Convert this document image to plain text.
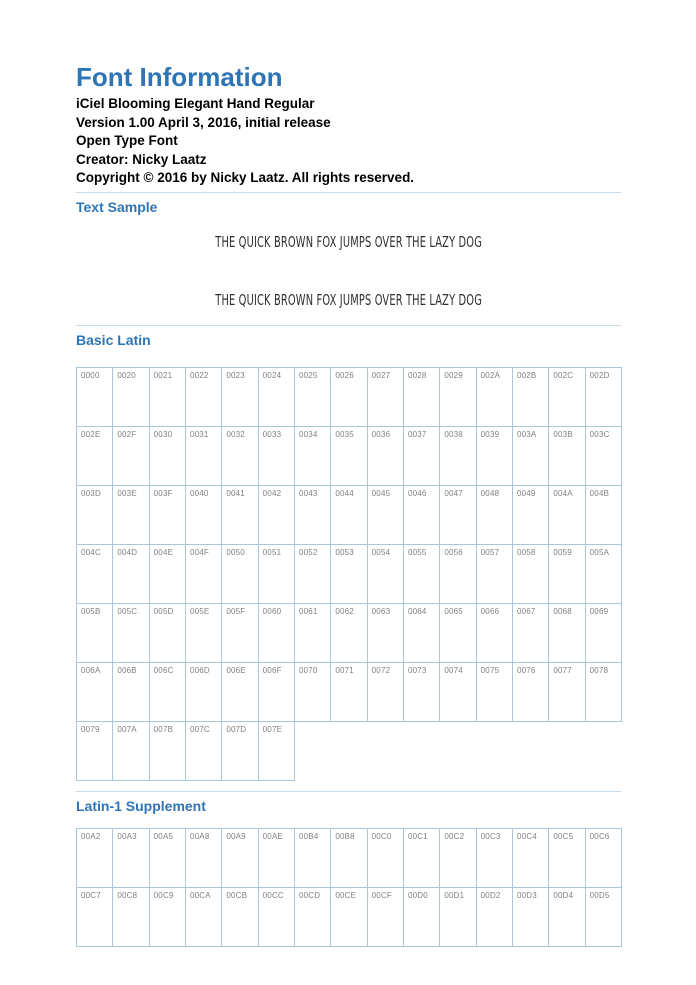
Font Information

iCiel Blooming Elegant Hand Regular

Version 1.00 April 3, 2016, initial release

Open Type Font

Creator: Nicky Laatz

Copyright © 2016 by Nicky Laatz. All rights reserved.

Text Sample
THE QUICK BROWN FOX JUMPS OVER THE LAZY DOG
THE QUICK BROWN FOX JUMPS OVER THE LAZY DOG
Basic Latin
0000 0020 0021 0022 0023 0024 0025 0026 0027 0028 0029 002A 002B 002C 002D
002E 002F 0030 0031 0032 0033 0034 0035 0036 0037 0038 0039 003A 003B 003C
003D 003E 003F 0040 0041 0042 0043 0044 0045 0046 0047 0048 0049 004A 004B
004C 004D 004E 004F 0050 0051 0052 0053 0054 0055 0056 0057 0058 0059 005A
005B 005C 005D 005E 005F 0060 0061 0062 0063 0064 0065 0066 0067 0068 0069
006A 006B 006C 006D 006E 006F 0070 0071 0072 0073 0074 0075 0076 0077 0078
0079 007A 007B 007C 007D 007E
Latin-1 Supplement
00A2 00A3 00A5 00A8 00A9 00AE 00B4 00B8 00C0 00C1 00C2 00C3 00C4 00C5 00C6
00C7 00C8 00C9 00CA 00CB 00CC 00CD 00CE 00CF 00D0 00D1 00D2 00D3 00D4 00D5
